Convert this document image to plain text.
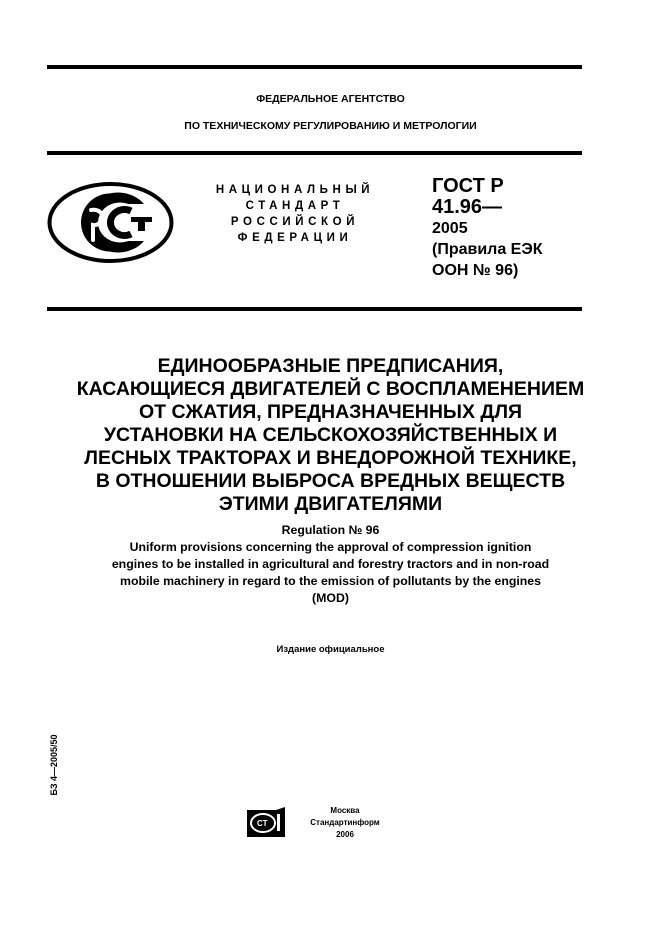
ФЕДЕРАЛЬНОЕ АГЕНТСТВО
ПО ТЕХНИЧЕСКОМУ РЕГУЛИРОВАНИЮ И МЕТРОЛОГИИ
НАЦИОНАЛЬНЫЙ
СТАНДАРТ
РОССИЙСКОЙ
ФЕДЕРАЦИИ
ГОСТ Р
41.96—
2005
(Правила ЕЭК
ООН № 96)
ЕДИНООБРАЗНЫЕ ПРЕДПИСАНИЯ,
КАСАЮЩИЕСЯ ДВИГАТЕЛЕЙ С ВОСПЛАМЕНЕНИЕМ
ОТ СЖАТИЯ, ПРЕДНАЗНАЧЕННЫХ ДЛЯ
УСТАНОВКИ НА СЕЛЬСКОХОЗЯЙСТВЕННЫХ И
ЛЕСНЫХ ТРАКТОРАХ И ВНЕДОРОЖНОЙ ТЕХНИКЕ,
В ОТНОШЕНИИ ВЫБРОСА ВРЕДНЫХ ВЕЩЕСТВ
ЭТИМИ ДВИГАТЕЛЯМИ
Regulation № 96
Uniform provisions concerning the approval of compression ignition
engines to be installed in agricultural and forestry tractors and in non-road
mobile machinery in regard to the emission of pollutants by the engines
(MOD)
Издание официальное
БЗ 4—2005/50
СТ
Москва
Стандартинформ
2006
